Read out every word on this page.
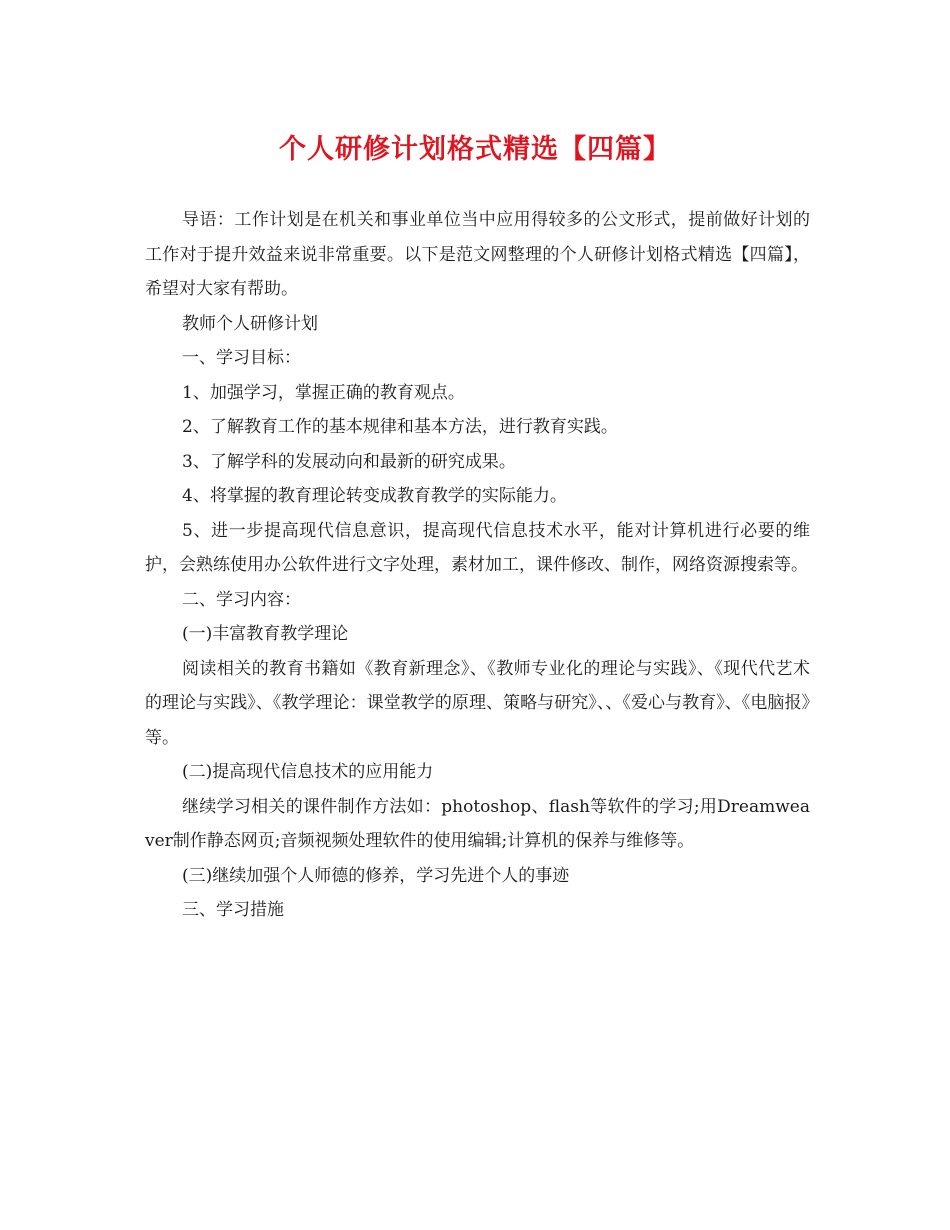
个人研修计划格式精选【四篇】

导语：工作计划是在机关和事业单位当中应用得较多的公文形式，提前做好计划的工作对于提升效益来说非常重要。以下是范文网整理的个人研修计划格式精选【四篇】，希望对大家有帮助。

教师个人研修计划

一、学习目标：

1、加强学习，掌握正确的教育观点。

2、了解教育工作的基本规律和基本方法，进行教育实践。

3、了解学科的发展动向和最新的研究成果。

4、将掌握的教育理论转变成教育教学的实际能力。

5、进一步提高现代信息意识，提高现代信息技术水平，能对计算机进行必要的维护，会熟练使用办公软件进行文字处理，素材加工，课件修改、制作，网络资源搜索等。

二、学习内容：

(一)丰富教育教学理论

阅读相关的教育书籍如《教育新理念》、《教师专业化的理论与实践》、《现代代艺术的理论与实践》、《教学理论：课堂教学的原理、策略与研究》、、《爱心与教育》、《电脑报》等。

(二)提高现代信息技术的应用能力

继续学习相关的课件制作方法如：photoshop、flash等软件的学习;用Dreamweaver制作静态网页;音频视频处理软件的使用编辑;计算机的保养与维修等。

(三)继续加强个人师德的修养，学习先进个人的事迹

三、学习措施
